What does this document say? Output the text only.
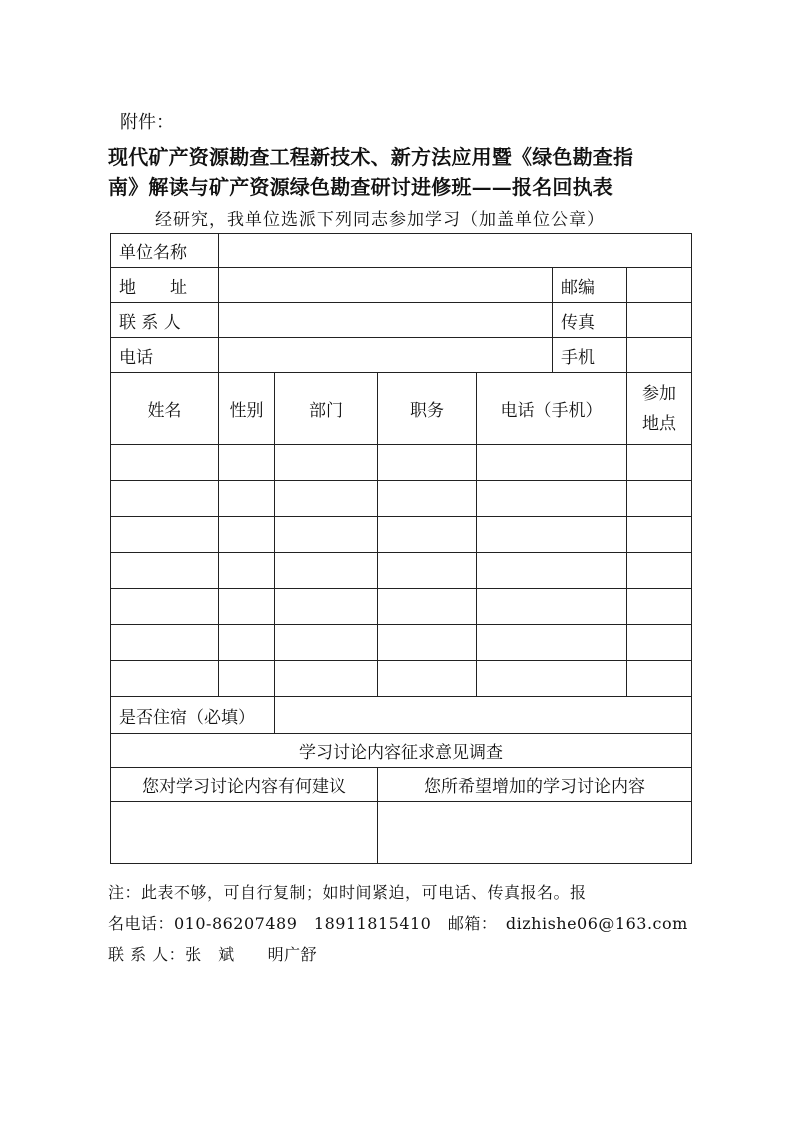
附件：
现代矿产资源勘查工程新技术、新方法应用暨《绿色勘查指
南》解读与矿产资源绿色勘查研讨进修班——报名回执表
经研究，我单位选派下列同志参加学习（加盖单位公章）
单位名称						
地　　址					邮编	
联 系 人					传真	
电话					手机	
姓名	性别	部门	职务	电话（手机）		参加
地点

是否住宿（必填）						
学习讨论内容征求意见调查						
您对学习讨论内容有何建议			您所希望增加的学习讨论内容			

注：此表不够，可自行复制；如时间紧迫，可电话、传真报名。报
名电话：010-86207489　18911815410　邮箱：　dizhishe06@163.com
联 系 人：张　斌　　明广舒
